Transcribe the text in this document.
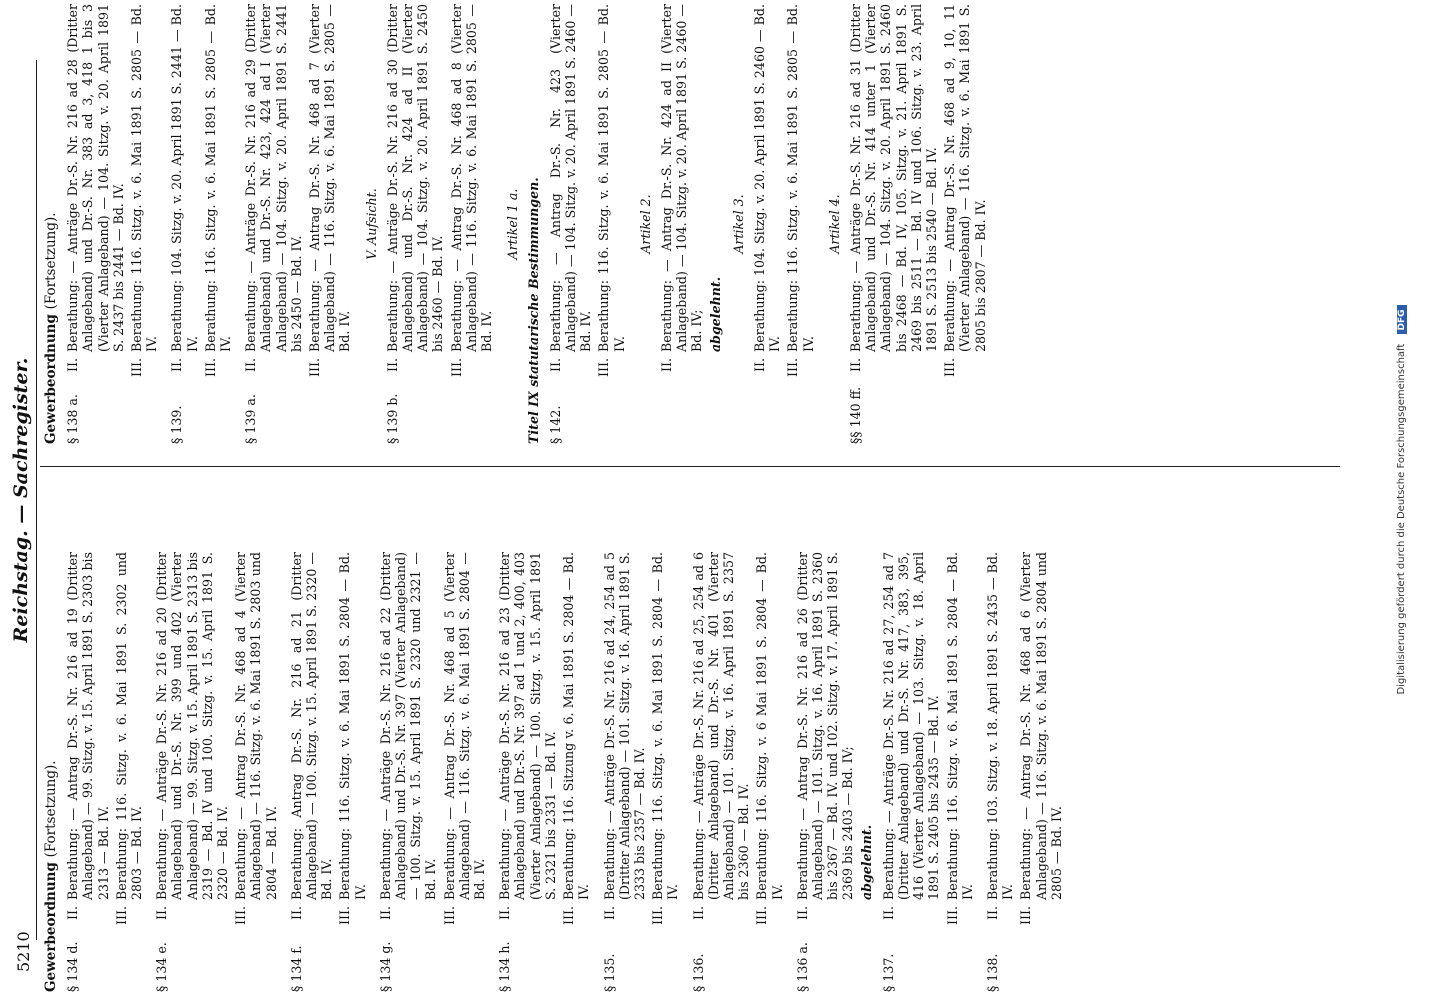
5210
Reichstag. — Sachregister.
Gewerbeordnung (Fortsetzung).
§ 134 d.
II.
Berathung: — Antrag Dr.-S. Nr. 216 ad 19 (Dritter Anlageband) — 99. Sitzg. v. 15. April 1891 S. 2303 bis 2313 — Bd. IV.
III.
Berathung: 116. Sitzg. v. 6. Mai 1891 S. 2302 und 2803 — Bd. IV.
§ 134 e.
II.
Berathung: — Anträge Dr.-S. Nr. 216 ad 20 (Dritter Anlageband) und Dr.-S. Nr. 399 und 402 (Vierter Anlageband) — 99. Sitzg. v. 15. April 1891 S. 2313 bis 2319 — Bd. IV und 100. Sitzg. v. 15. April 1891 S. 2320 — Bd. IV.
III.
Berathung: — Antrag Dr.-S. Nr. 468 ad 4 (Vierter Anlageband) — 116. Sitzg. v. 6. Mai 1891 S. 2803 und 2804 — Bd. IV.
§ 134 f.
II.
Berathung: Antrag Dr.-S. Nr. 216 ad 21 (Dritter Anlageband) — 100. Sitzg. v. 15. April 1891 S. 2320 — Bd. IV.
III.
Berathung: 116. Sitzg. v. 6. Mai 1891 S. 2804 — Bd. IV.
§ 134 g.
II.
Berathung: — Anträge Dr.-S. Nr. 216 ad 22 (Dritter Anlageband) und Dr.-S. Nr. 397 (Vierter Anlageband) — 100. Sitzg. v. 15. April 1891 S. 2320 und 2321 — Bd. IV.
III.
Berathung: — Antrag Dr.-S. Nr. 468 ad 5 (Vierter Anlageband) — 116. Sitzg. v. 6. Mai 1891 S. 2804 — Bd. IV.
§ 134 h.
II.
Berathung: — Anträge Dr.-S. Nr. 216 ad 23 (Dritter Anlageband) und Dr.-S. Nr. 397 ad 1 und 2, 400, 403 (Vierter Anlageband) — 100. Sitzg. v. 15. April 1891 S. 2321 bis 2331 — Bd. IV.
III.
Berathung: 116. Sitzung v. 6. Mai 1891 S. 2804 — Bd. IV.
§ 135.
II.
Berathung: — Anträge Dr.-S. Nr. 216 ad 24, 254 ad 5 (Dritter Anlageband) — 101. Sitzg. v. 16. April 1891 S. 2333 bis 2357 — Bd. IV.
III.
Berathung: 116. Sitzg. v. 6. Mai 1891 S. 2804 — Bd. IV.
§ 136.
II.
Berathung: — Anträge Dr.-S. Nr. 216 ad 25, 254 ad 6 (Dritter Anlageband) und Dr.-S. Nr. 401 (Vierter Anlageband) — 101. Sitzg. v. 16. April 1891 S. 2357 bis 2360 — Bd. IV.
III.
Berathung: 116. Sitzg. v. 6 Mai 1891 S. 2804 — Bd. IV.
§ 136 a.
II.
Berathung: — Antrag Dr.-S. Nr. 216 ad 26 (Dritter Anlageband) — 101. Sitzg. v. 16. April 1891 S. 2360 bis 2367 — Bd. IV. und 102. Sitzg. v. 17. April 1891 S. 2369 bis 2403 — Bd. IV; abgelehnt.
§ 137.
II.
Berathung: — Anträge Dr.-S. Nr. 216 ad 27, 254 ad 7 (Dritter Anlageband) und Dr.-S. Nr. 417, 383, 395, 416 (Vierter Anlageband) — 103. Sitzg. v. 18. April 1891 S. 2405 bis 2435 — Bd. IV.
III.
Berathung: 116. Sitzg. v. 6. Mai 1891 S. 2804 — Bd. IV.
§ 138.
II.
Berathung: 103. Sitzg. v. 18. April 1891 S. 2435 — Bd. IV.
III.
Berathung: — Antrag Dr.-S. Nr. 468 ad 6 (Vierter Anlageband) — 116. Sitzg. v. 6. Mai 1891 S. 2804 und 2805 — Bd. IV.
Gewerbeordnung (Fortsetzung).
§ 138 a.
II.
Berathung: — Anträge Dr.-S. Nr. 216 ad 28 (Dritter Anlageband) und Dr.-S. Nr. 383 ad 3, 418 1 bis 3 (Vierter Anlageband) — 104. Sitzg. v. 20. April 1891 S. 2437 bis 2441 — Bd. IV.
III.
Berathung: 116. Sitzg. v. 6. Mai 1891 S. 2805 — Bd. IV.
§ 139.
II.
Berathung: 104. Sitzg. v. 20. April 1891 S. 2441 — Bd. IV.
III.
Berathung: 116. Sitzg. v. 6. Mai 1891 S. 2805 — Bd. IV.
§ 139 a.
II.
Berathung: — Anträge Dr.-S. Nr. 216 ad 29 (Dritter Anlageband) und Dr.-S. Nr. 423, 424 ad I (Vierter Anlageband) — 104. Sitzg. v. 20. April 1891 S. 2441 bis 2450 — Bd. IV.
III.
Berathung: — Antrag Dr.-S. Nr. 468 ad 7 (Vierter Anlageband) — 116. Sitzg. v. 6. Mai 1891 S. 2805 — Bd. IV.
V. Aufsicht.
§ 139 b.
II.
Berathung: — Anträge Dr.-S. Nr. 216 ad 30 (Dritter Anlageband) und Dr.-S. Nr. 424 ad II (Vierter Anlageband) — 104. Sitzg. v. 20. April 1891 S. 2450 bis 2460 — Bd. IV.
III.
Berathung: — Antrag Dr.-S. Nr. 468 ad 8 (Vierter Anlageband) — 116. Sitzg. v. 6. Mai 1891 S. 2805 — Bd. IV.
Artikel 1 a. Titel IX statutarische Bestimmungen. § 142.
II.
Berathung: — Antrag Dr.-S. Nr. 423 (Vierter Anlageband) — 104. Sitzg. v. 20. April 1891 S. 2460 — Bd. IV.
III.
Berathung: 116. Sitzg. v. 6. Mai 1891 S. 2805 — Bd. IV.
Artikel 2.
II.
Berathung: — Antrag Dr.-S. Nr. 424 ad II (Vierter Anlageband) — 104. Sitzg. v. 20. April 1891 S. 2460 — Bd. IV; abgelehnt.
Artikel 3.
II.
Berathung: 104. Sitzg. v. 20. April 1891 S. 2460 — Bd. IV.
III.
Berathung: 116. Sitzg. v. 6. Mai 1891 S. 2805 — Bd. IV.
Artikel 4.
§§ 140 ff.
II.
Berathung: — Anträge Dr.-S. Nr. 216 ad 31 (Dritter Anlageband) und Dr.-S. Nr. 414 unter 1 (Vierter Anlageband) — 104. Sitzg. v. 20. April 1891 S. 2460 bis 2468 — Bd. IV, 105. Sitzg. v. 21. April 1891 S. 2469 bis 2511 — Bd. IV und 106. Sitzg. v. 23. April 1891 S. 2513 bis 2540 — Bd. IV.
III.
Berathung: — Antrag Dr.-S. Nr. 468 ad 9, 10, 11 (Vierter Anlageband) — 116. Sitzg. v. 6. Mai 1891 S. 2805 bis 2807 — Bd. IV.
Digitalisierung gefördert durch die Deutsche Forschungsgemeinschaft DFG
